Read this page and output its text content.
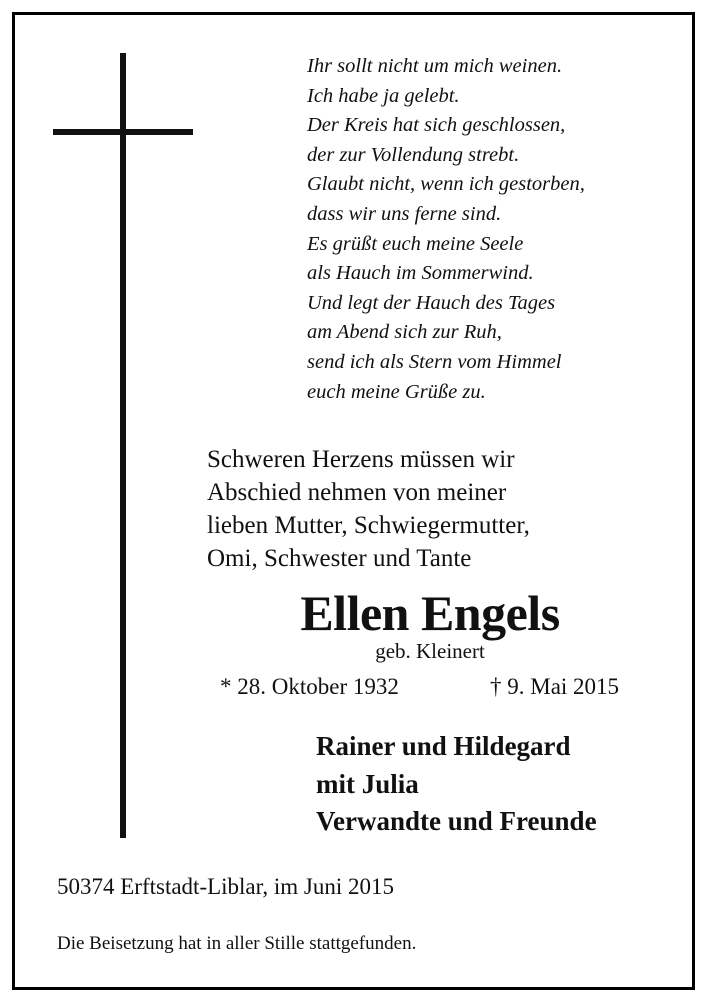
Ihr sollt nicht um mich weinen.
Ich habe ja gelebt.
Der Kreis hat sich geschlossen,
der zur Vollendung strebt.
Glaubt nicht, wenn ich gestorben,
dass wir uns ferne sind.
Es grüßt euch meine Seele
als Hauch im Sommerwind.
Und legt der Hauch des Tages
am Abend sich zur Ruh,
send ich als Stern vom Himmel
euch meine Grüße zu.
Schweren Herzens müssen wir
Abschied nehmen von meiner
lieben Mutter, Schwiegermutter,
Omi, Schwester und Tante
Ellen Engels
geb. Kleinert
* 28. Oktober 1932	† 9. Mai 2015
Rainer und Hildegard
mit Julia
Verwandte und Freunde
50374 Erftstadt-Liblar, im Juni 2015
Die Beisetzung hat in aller Stille stattgefunden.
